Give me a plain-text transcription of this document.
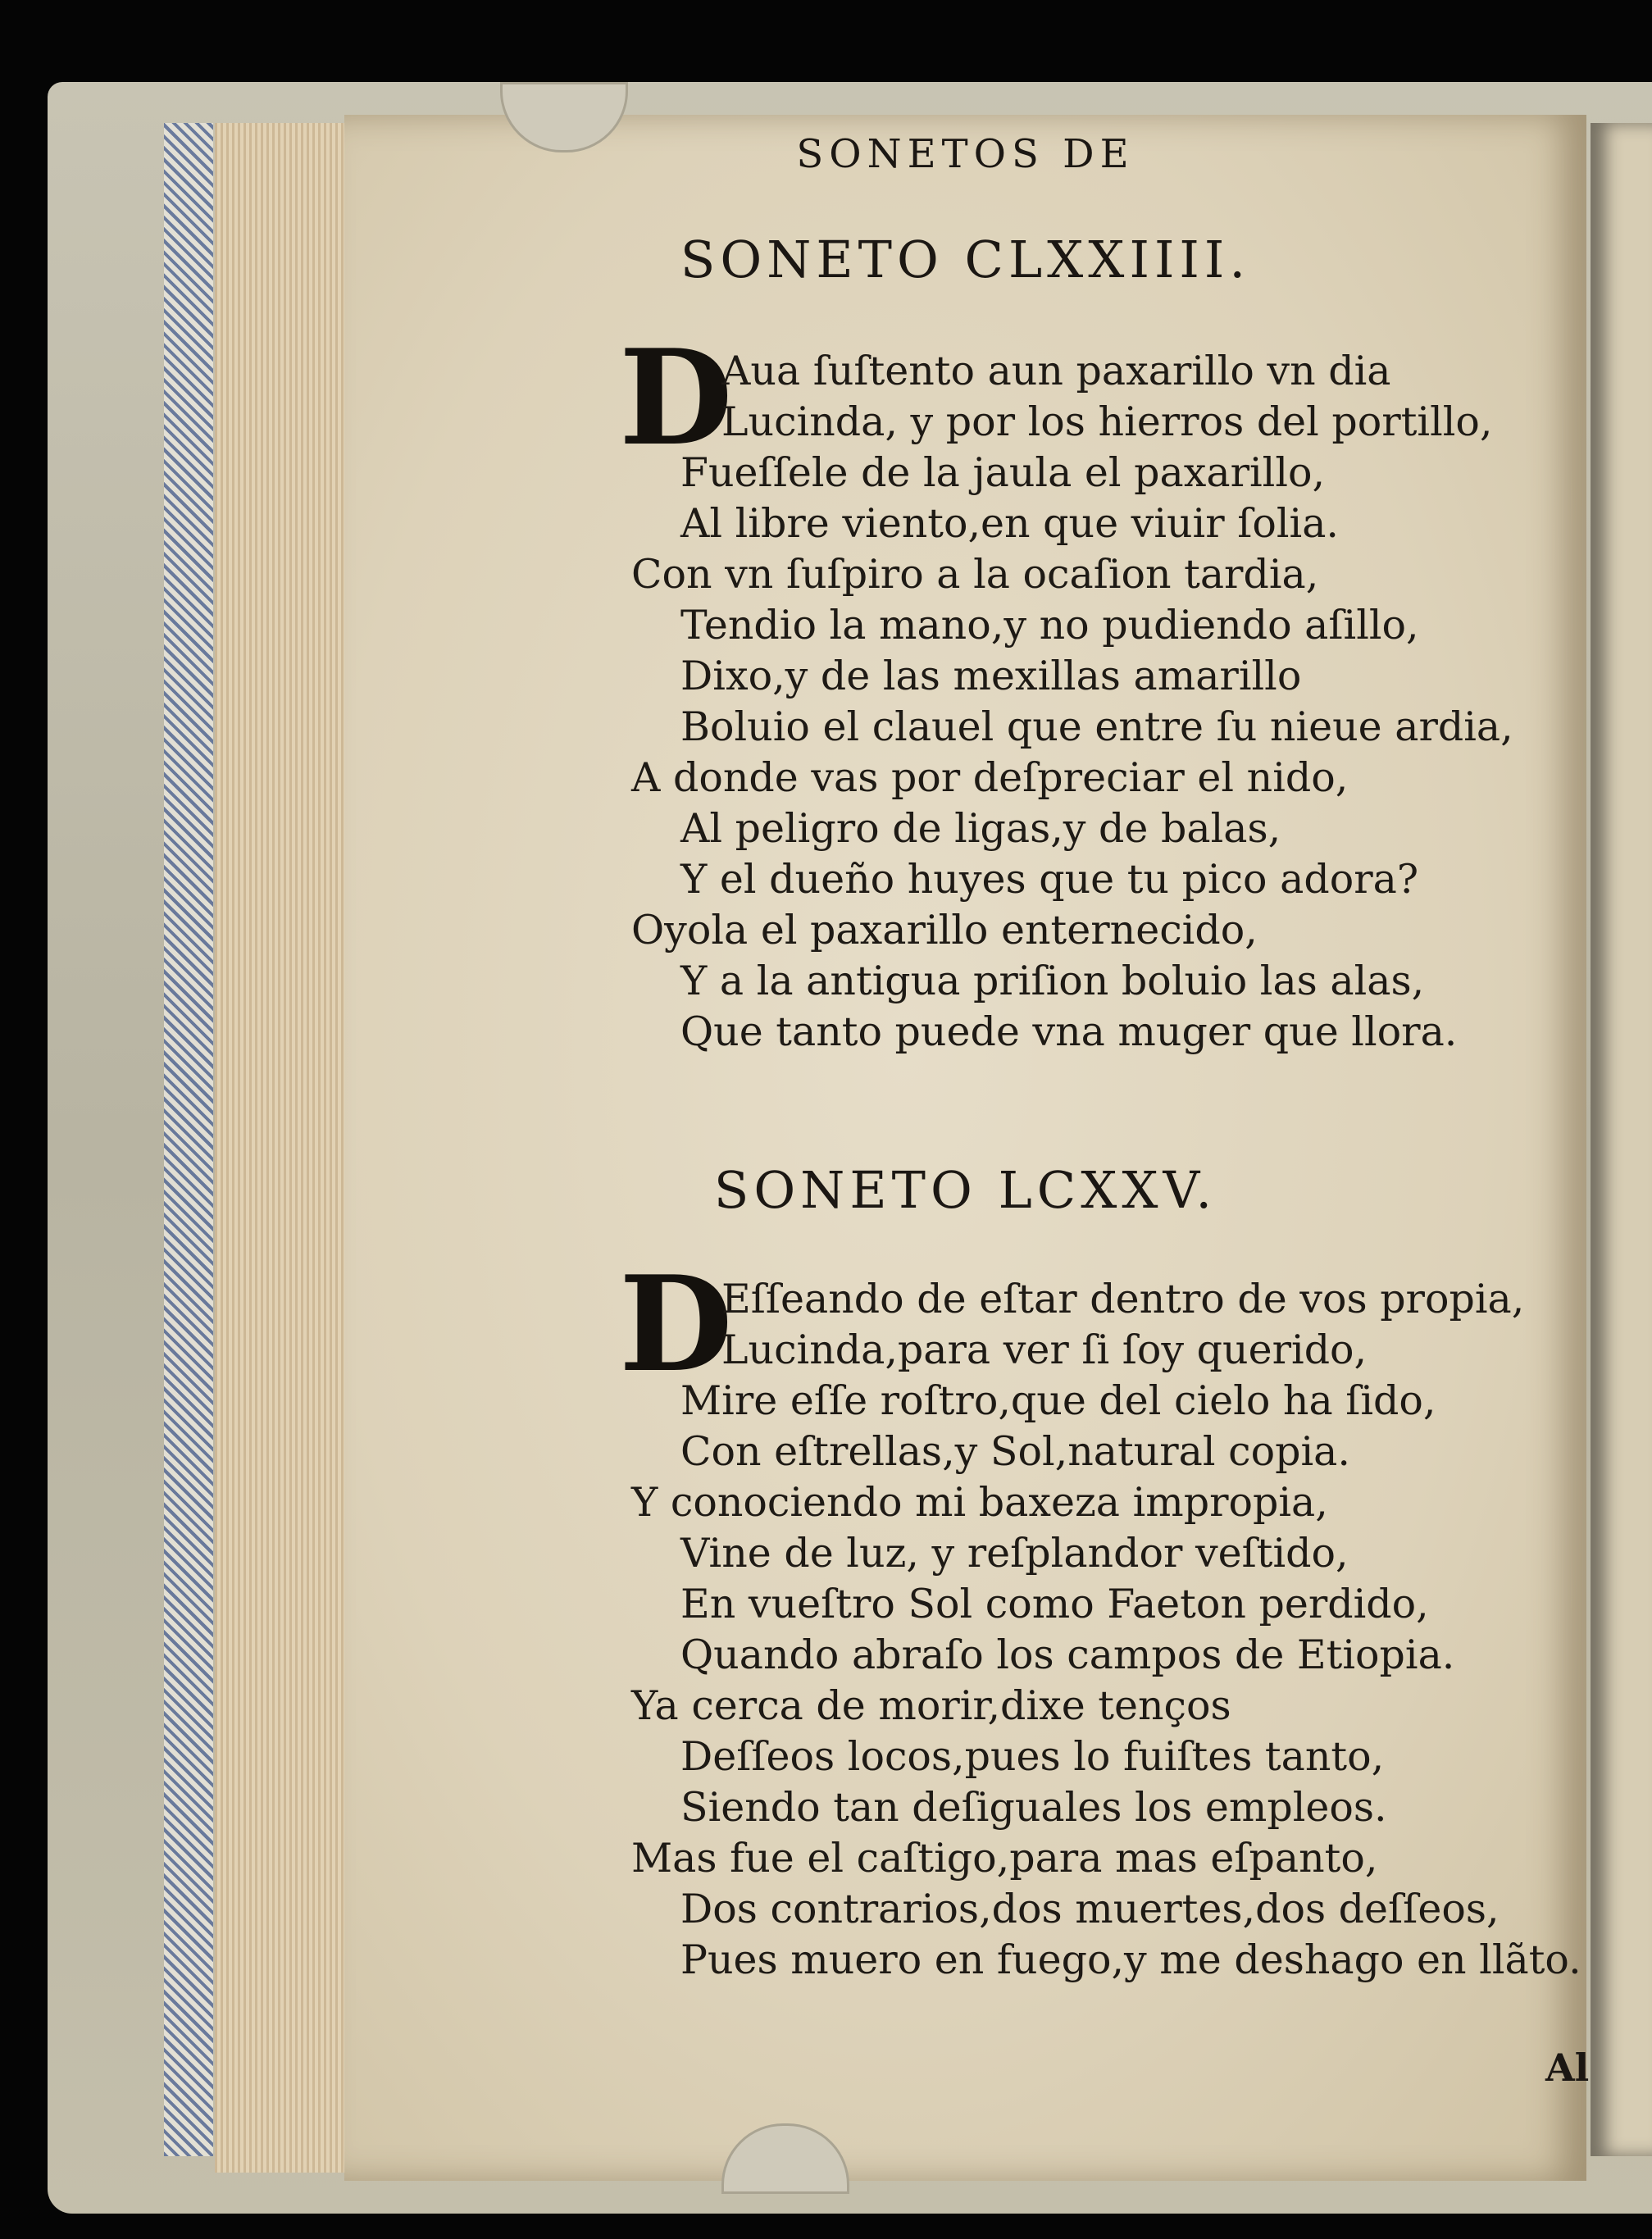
SONETOS DE
SONETO CLXXIIII.
D
Aua ſuſtento aun paxarillo vn dia
Lucinda, y por los hierros del portillo,
Fueſſele de la jaula el paxarillo,
Al libre viento,en que viuir ſolia.
Con vn ſuſpiro a la ocaſion tardia,
Tendio la mano,y no pudiendo aſillo,
Dixo,y de las mexillas amarillo
Boluio el clauel que entre ſu nieue ardia,
A donde vas por deſpreciar el nido,
Al peligro de ligas,y de balas,
Y el dueño huyes que tu pico adora?
Oyola el paxarillo enternecido,
Y a la antigua priſion boluio las alas,
Que tanto puede vna muger que llora.
SONETO LCXXV.
D
Eſſeando de eſtar dentro de vos propia,
Lucinda,para ver ſi ſoy querido,
Mire eſſe roſtro,que del cielo ha ſido,
Con eſtrellas,y Sol,natural copia.
Y conociendo mi baxeza impropia,
Vine de luz, y reſplandor veſtido,
En vueſtro Sol como Faeton perdido,
Quando abraſo los campos de Etiopia.
Ya cerca de morir,dixe tenços
Deſſeos locos,pues lo fuiſtes tanto,
Siendo tan deſiguales los empleos.
Mas fue el caſtigo,para mas eſpanto,
Dos contrarios,dos muertes,dos deſſeos,
Pues muero en fuego,y me deshago en llãto.
Al
